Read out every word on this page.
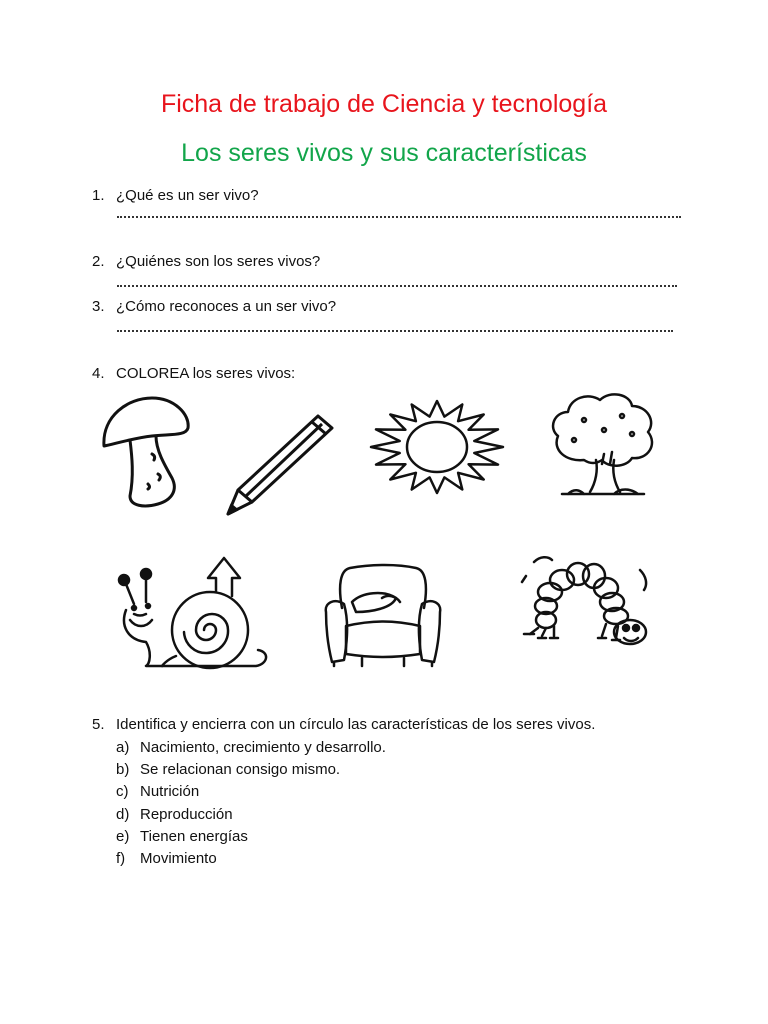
Ficha de trabajo de Ciencia y tecnología
Los seres vivos y sus características
1. ¿Qué es un ser vivo?
2. ¿Quiénes son los seres vivos?
3. ¿Cómo reconoces a un ser vivo?
4. COLOREA los seres vivos:
5. Identifica y encierra con un círculo las características de los seres vivos.
a) Nacimiento, crecimiento y desarrollo.
b) Se relacionan consigo mismo.
c) Nutrición
d) Reproducción
e) Tienen energías
f) Movimiento
